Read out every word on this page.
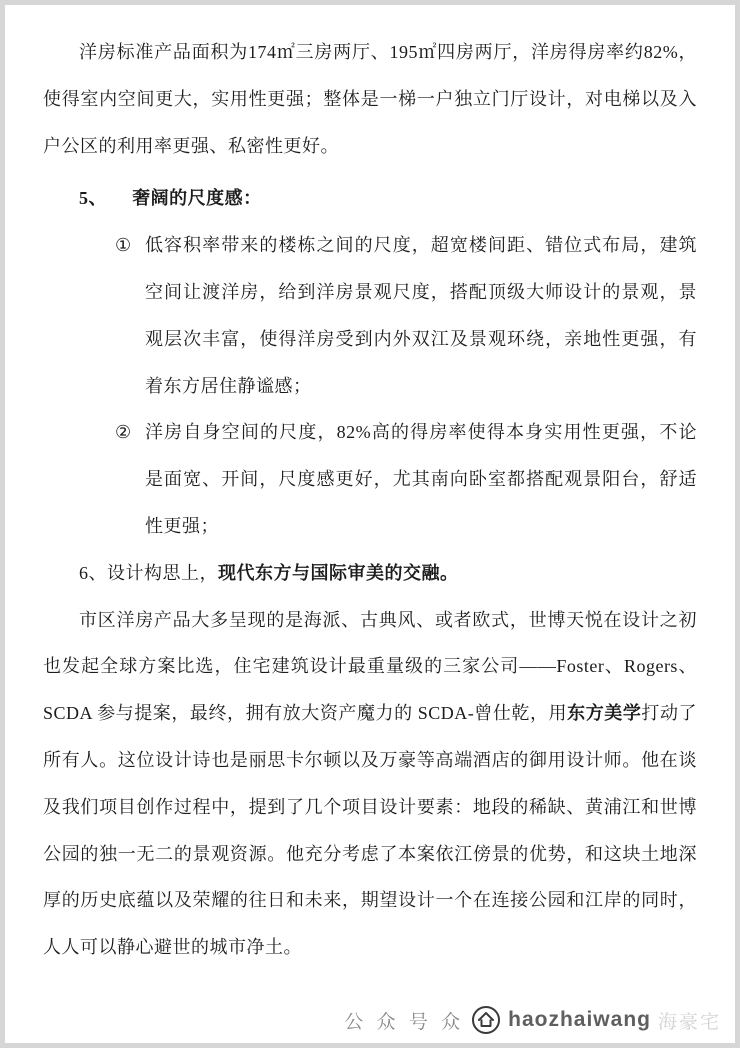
洋房标准产品面积为174㎡三房两厅、195㎡四房两厅，洋房得房率约82%，使得室内空间更大，实用性更强；整体是一梯一户独立门厅设计，对电梯以及入户公区的利用率更强、私密性更好。

5、 奢阔的尺度感：

① 低容积率带来的楼栋之间的尺度，超宽楼间距、错位式布局，建筑空间让渡洋房，给到洋房景观尺度，搭配顶级大师设计的景观，景观层次丰富，使得洋房受到内外双江及景观环绕，亲地性更强，有着东方居住静谧感；
② 洋房自身空间的尺度，82%高的得房率使得本身实用性更强，不论是面宽、开间，尺度感更好，尤其南向卧室都搭配观景阳台，舒适性更强；

6、设计构思上，现代东方与国际审美的交融。

市区洋房产品大多呈现的是海派、古典风、或者欧式，世博天悦在设计之初也发起全球方案比选，住宅建筑设计最重量级的三家公司——Foster、Rogers、SCDA 参与提案，最终，拥有放大资产魔力的 SCDA-曾仕乾，用东方美学打动了所有人。这位设计诗也是丽思卡尔顿以及万豪等高端酒店的御用设计师。他在谈及我们项目创作过程中，提到了几个项目设计要素：地段的稀缺、黄浦江和世博公园的独一无二的景观资源。他充分考虑了本案依江傍景的优势，和这块土地深厚的历史底蕴以及荣耀的往日和未来，期望设计一个在连接公园和江岸的同时，人人可以静心避世的城市净土。

公 众 号 众 haozhaiwang 海豪宅
